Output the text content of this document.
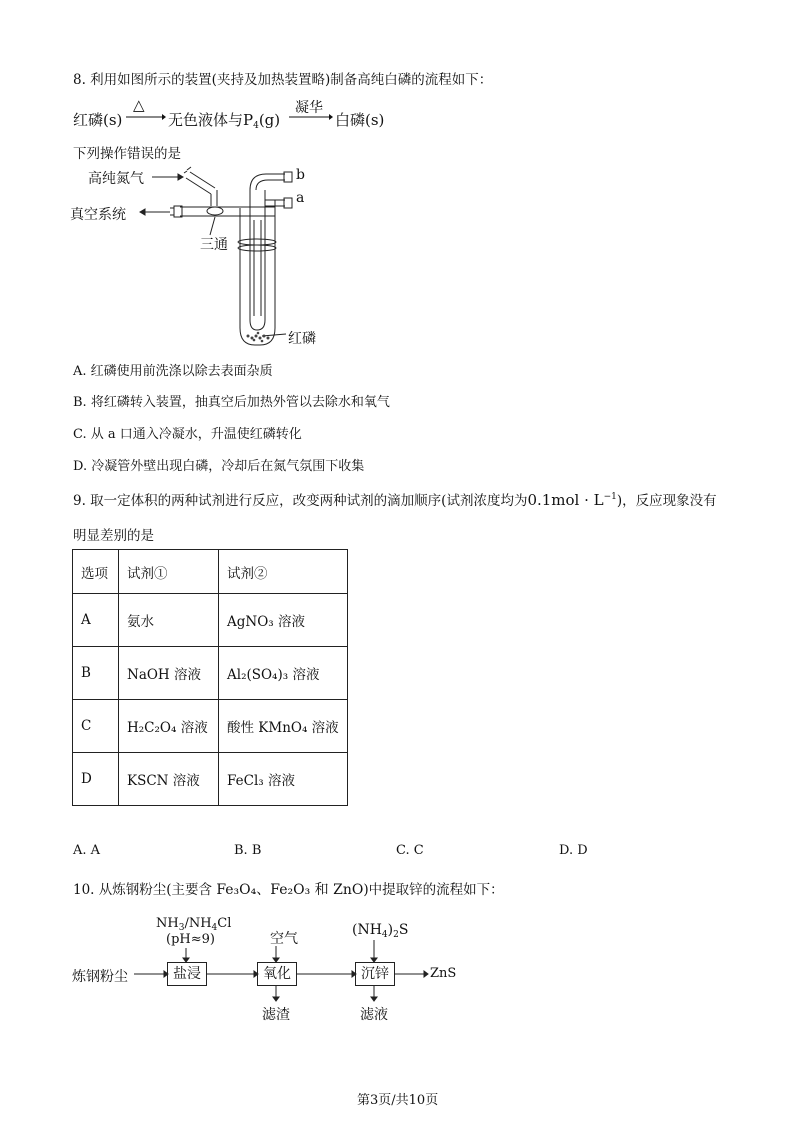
8. 利用如图所示的装置(夹持及加热装置略)制备高纯白磷的流程如下：
红磷(s)
△
无色液体与$P_4(g)$
凝华
白磷(s)
下列操作错误的是
高纯氮气
真空系统
三通
b
a
红磷
A. 红磷使用前洗涤以除去表面杂质
B. 将红磷转入装置，抽真空后加热外管以去除水和氧气
C. 从 a 口通入冷凝水，升温使红磷转化
D. 冷凝管外壁出现白磷，冷却后在氮气氛围下收集
9. 取一定体积的两种试剂进行反应，改变两种试剂的滴加顺序(试剂浓度均为$0.1mol \cdot L^{-1}$)，反应现象没有
明显差别的是
选项	试剂①	试剂②
A	氨水	AgNO₃ 溶液
B	NaOH 溶液	Al₂(SO₄)₃ 溶液
C	H₂C₂O₄ 溶液	酸性 KMnO₄ 溶液
D	KSCN 溶液	FeCl₃ 溶液
A. A	B. B	C. C	D. D
10. 从炼钢粉尘(主要含 Fe₃O₄、Fe₂O₃ 和 ZnO)中提取锌的流程如下：
$NH_3/NH_4Cl$
(pH≈9)	空气
$(NH_4)_2S$
炼钢粉尘	盐浸	氧化	沉锌	ZnS
滤渣	滤液
第3页/共10页
